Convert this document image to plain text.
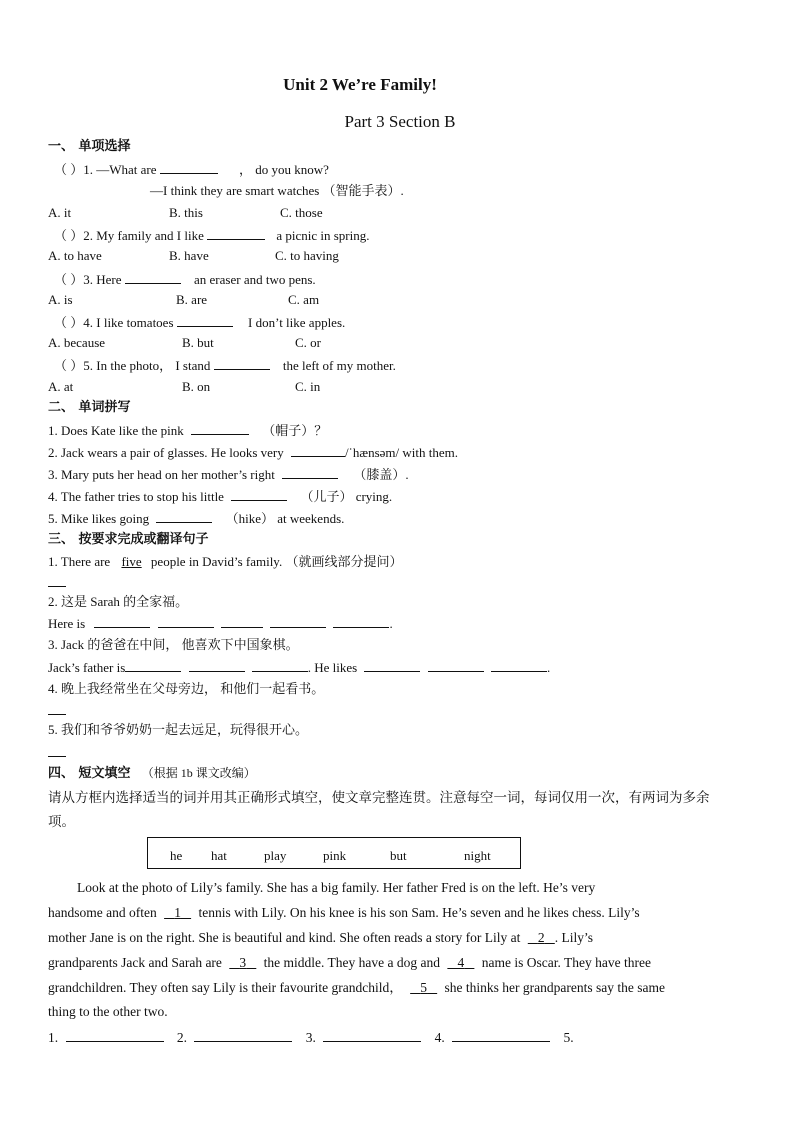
Unit 2 We’re Family!
Part 3 Section B
一、 单项选择
（ ）1. —What are	， do you know?
—I think they are smart watches （智能手表）.
A. it	B. this	C. those
（ ）2. My family and I like	a picnic in spring.
A. to have	B. have	C. to having
（ ）3. Here	an eraser and two pens.
A. is	B. are	C. am
（ ）4. I like tomatoes	I don’t like apples.
A. because	B. but	C. or
（ ）5. In the photo， I stand	the left of my mother.
A. at	B. on	C. in
二、 单词拼写
1. Does Kate like the pink	（帽子）？
2. Jack wears a pair of glasses. He looks very	/ˈhænsəm/ with them.
3. Mary puts her head on her mother’s right	（膝盖）.
4. The father tries to stop his little	（儿子） crying.
5. Mike likes going	（hike） at weekends.
三、 按要求完成或翻译句子
1. There are five people in David’s family. （就画线部分提问）
2. 这是 Sarah 的全家福。
Here is	.
3. Jack 的爸爸在中间， 他喜欢下中国象棋。
Jack’s father is	. He likes	.
4. 晚上我经常坐在父母旁边， 和他们一起看书。
5. 我们和爷爷奶奶一起去远足，玩得很开心。
四、 短文填空 （根据 1b 课文改编）
请从方框内选择适当的词并用其正确形式填空，使文章完整连贯。注意每空一词，每词仅用一次，有两词为多余
项。
he hat	play	pink	but	night
Look at the photo of Lily’s family. She has a big family. Her father Fred is on the left. He’s very
handsome and often 1 tennis with Lily. On his knee is his son Sam. He’s seven and he likes chess. Lily’s
mother Jane is on the right. She is beautiful and kind. She often reads a story for Lily at 2 . Lily’s
grandparents Jack and Sarah are 3 the middle. They have a dog and 4 name is Oscar. They have three
grandchildren. They often say Lily is their favourite grandchild， 5 she thinks her grandparents say the same
thing to the other two.
1.	2.	3.	4.	5.
